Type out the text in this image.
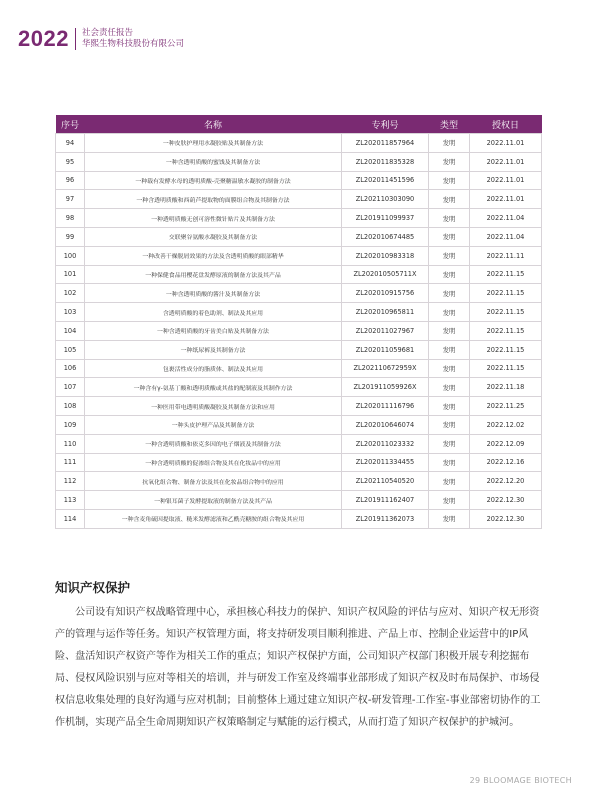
2022 社会责任报告
华熙生物科技股份有限公司
序号	名称	专利号	类型	授权日
94	一种皮肤护理用水凝胶贴及其制备方法	ZL202011857964	发明	2022.11.01
95	一种含透明质酸的蜜饯及其制备方法	ZL202011835328	发明	2022.11.01
96	一种载有发酵水母的透明质酸-壳聚糖温敏水凝胶的制备方法	ZL202011451596	发明	2022.11.01
97	一种含透明质酸和西葫芦提取物的面膜组合物及其制备方法	ZL202110303090	发明	2022.11.01
98	一种透明质酸无创可溶性微针贴片及其制备方法	ZL201911099937	发明	2022.11.04
99	交联聚谷氨酸水凝胶及其制备方法	ZL202010674485	发明	2022.11.04
100	一种改善干燥脱屑效果的方法及含透明质酸的眼部精华	ZL202010983318	发明	2022.11.11
101	一种保健食品用樱花盘发酵原液的制备方法及其产品	ZL202010505711X	发明	2022.11.15
102	一种含透明质酸的酱汁及其制备方法	ZL202010915756	发明	2022.11.15
103	含透明质酸的着色助剂、制法及其应用	ZL202010965811	发明	2022.11.15
104	一种含透明质酸的牙齿美白贴及其制备方法	ZL202011027967	发明	2022.11.15
105	一种纸尿裤及其制备方法	ZL202011059681	发明	2022.11.15
106	包裹活性成分的脂质体、制法及其应用	ZL202110672959X	发明	2022.11.15
107	一种含有γ-氨基丁酸和透明质酸或其盐的配制液及其制作方法	ZL201911059926X	发明	2022.11.18
108	一种医用带电透明质酸凝胶及其制备方法和应用	ZL202011116796	发明	2022.11.25
109	一种头皮护理产品及其制备方法	ZL202010646074	发明	2022.12.02
110	一种含透明质酸和依克多因的电子烟液及其制备方法	ZL202011023332	发明	2022.12.09
111	一种含透明质酸的促渗组合物及其在化妆品中的应用	ZL202011334455	发明	2022.12.16
112	抗氧化组合物、制备方法及其在化妆品组合物中的应用	ZL202110540520	发明	2022.12.20
113	一种银耳菌子发酵提取液的制备方法及其产品	ZL201911162407	发明	2022.12.30
114	一种含麦角硫因提取液、糙米发酵滤液和乙酰壳糖胺的组合物及其应用	ZL201911362073	发明	2022.12.30
知识产权保护

公司设有知识产权战略管理中心，承担核心科技力的保护、知识产权风险的评估与应对、知识产权无形资产的管理与运作等任务。知识产权管理方面，将支持研发项目顺利推进、产品上市、控制企业运营中的IP风险、盘活知识产权资产等作为相关工作的重点；知识产权保护方面，公司知识产权部门积极开展专利挖掘布局、侵权风险识别与应对等相关的培训，并与研发工作室及终端事业部形成了知识产权及时布局保护、市场侵权信息收集处理的良好沟通与应对机制；目前整体上通过建立知识产权-研发管理-工作室-事业部密切协作的工作机制，实现产品全生命周期知识产权策略制定与赋能的运行模式，从而打造了知识产权保护的护城河。

29 BLOOMAGE BIOTECH
